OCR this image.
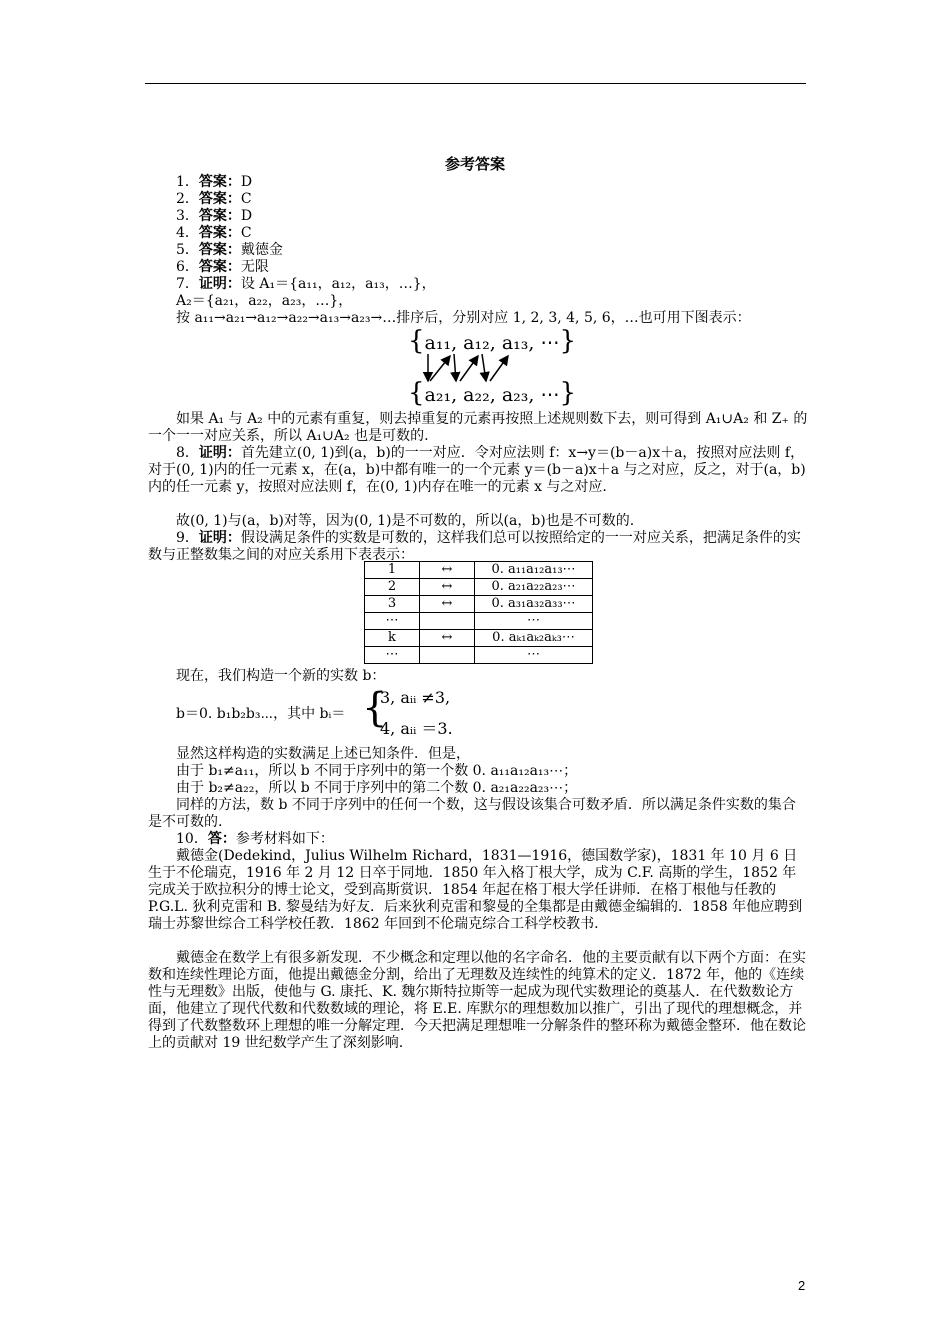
参考答案
1．答案：D
2．答案：C
3．答案：D
4．答案：C
5．答案：戴德金
6．答案：无限
7．证明：设 A₁＝{a₁₁，a₁₂，a₁₃，…}，
A₂＝{a₂₁，a₂₂，a₂₃，…}，
按 a₁₁→a₂₁→a₁₂→a₂₂→a₁₃→a₂₃→…排序后，分别对应 1, 2, 3, 4, 5, 6，…也可用下图表示：
{a₁₁, a₁₂, a₁₃, ⋯}
{a₂₁, a₂₂, a₂₃, ⋯}
如果 A₁ 与 A₂ 中的元素有重复，则去掉重复的元素再按照上述规则数下去，则可得到 A₁∪A₂ 和 Z₊ 的一个一一对应关系，所以 A₁∪A₂ 也是可数的.
8．证明：首先建立(0, 1)到(a，b)的一一对应．令对应法则 f：x→y＝(b－a)x＋a，按照对应法则 f，对于(0, 1)内的任一元素 x，在(a，b)中都有唯一的一个元素 y＝(b－a)x＋a 与之对应，反之，对于(a，b)内的任一元素 y，按照对应法则 f，在(0, 1)内存在唯一的元素 x 与之对应.
故(0, 1)与(a，b)对等，因为(0, 1)是不可数的，所以(a，b)也是不可数的.
9．证明：假设满足条件的实数是可数的，这样我们总可以按照给定的一一对应关系，把满足条件的实数与正整数集之间的对应关系用下表表示：
1	↔	0. a₁₁a₁₂a₁₃⋯
2	↔	0. a₂₁a₂₂a₂₃⋯
3	↔	0. a₃₁a₃₂a₃₃⋯
⋯		⋯
k	↔	0. aₖ₁aₖ₂aₖ₃⋯
⋯		⋯
现在，我们构造一个新的实数 b：
b＝0. b₁b₂b₃⋯，其中 bᵢ＝ {
3, aᵢᵢ ≠3,
4, aᵢᵢ ＝3.
显然这样构造的实数满足上述已知条件．但是，
由于 b₁≠a₁₁，所以 b 不同于序列中的第一个数 0. a₁₁a₁₂a₁₃⋯；
由于 b₂≠a₂₂，所以 b 不同于序列中的第二个数 0. a₂₁a₂₂a₂₃⋯；
同样的方法，数 b 不同于序列中的任何一个数，这与假设该集合可数矛盾．所以满足条件实数的集合是不可数的.
10．答：参考材料如下：
戴德金(Dedekind，Julius Wilhelm Richard，1831—1916，德国数学家)，1831 年 10 月 6 日生于不伦瑞克，1916 年 2 月 12 日卒于同地．1850 年入格丁根大学，成为 C.F. 高斯的学生，1852 年完成关于欧拉积分的博士论文，受到高斯赏识．1854 年起在格丁根大学任讲师．在格丁根他与任教的 P.G.L. 狄利克雷和 B. 黎曼结为好友．后来狄利克雷和黎曼的全集都是由戴德金编辑的．1858 年他应聘到瑞士苏黎世综合工科学校任教．1862 年回到不伦瑞克综合工科学校教书.
戴德金在数学上有很多新发现．不少概念和定理以他的名字命名．他的主要贡献有以下两个方面：在实数和连续性理论方面，他提出戴德金分割，给出了无理数及连续性的纯算术的定义．1872 年，他的《连续性与无理数》出版，使他与 G. 康托、K. 魏尔斯特拉斯等一起成为现代实数理论的奠基人．在代数数论方面，他建立了现代代数和代数数域的理论，将 E.E. 库默尔的理想数加以推广，引出了现代的理想概念，并得到了代数整数环上理想的唯一分解定理．今天把满足理想唯一分解条件的整环称为戴德金整环．他在数论上的贡献对 19 世纪数学产生了深刻影响.
2
